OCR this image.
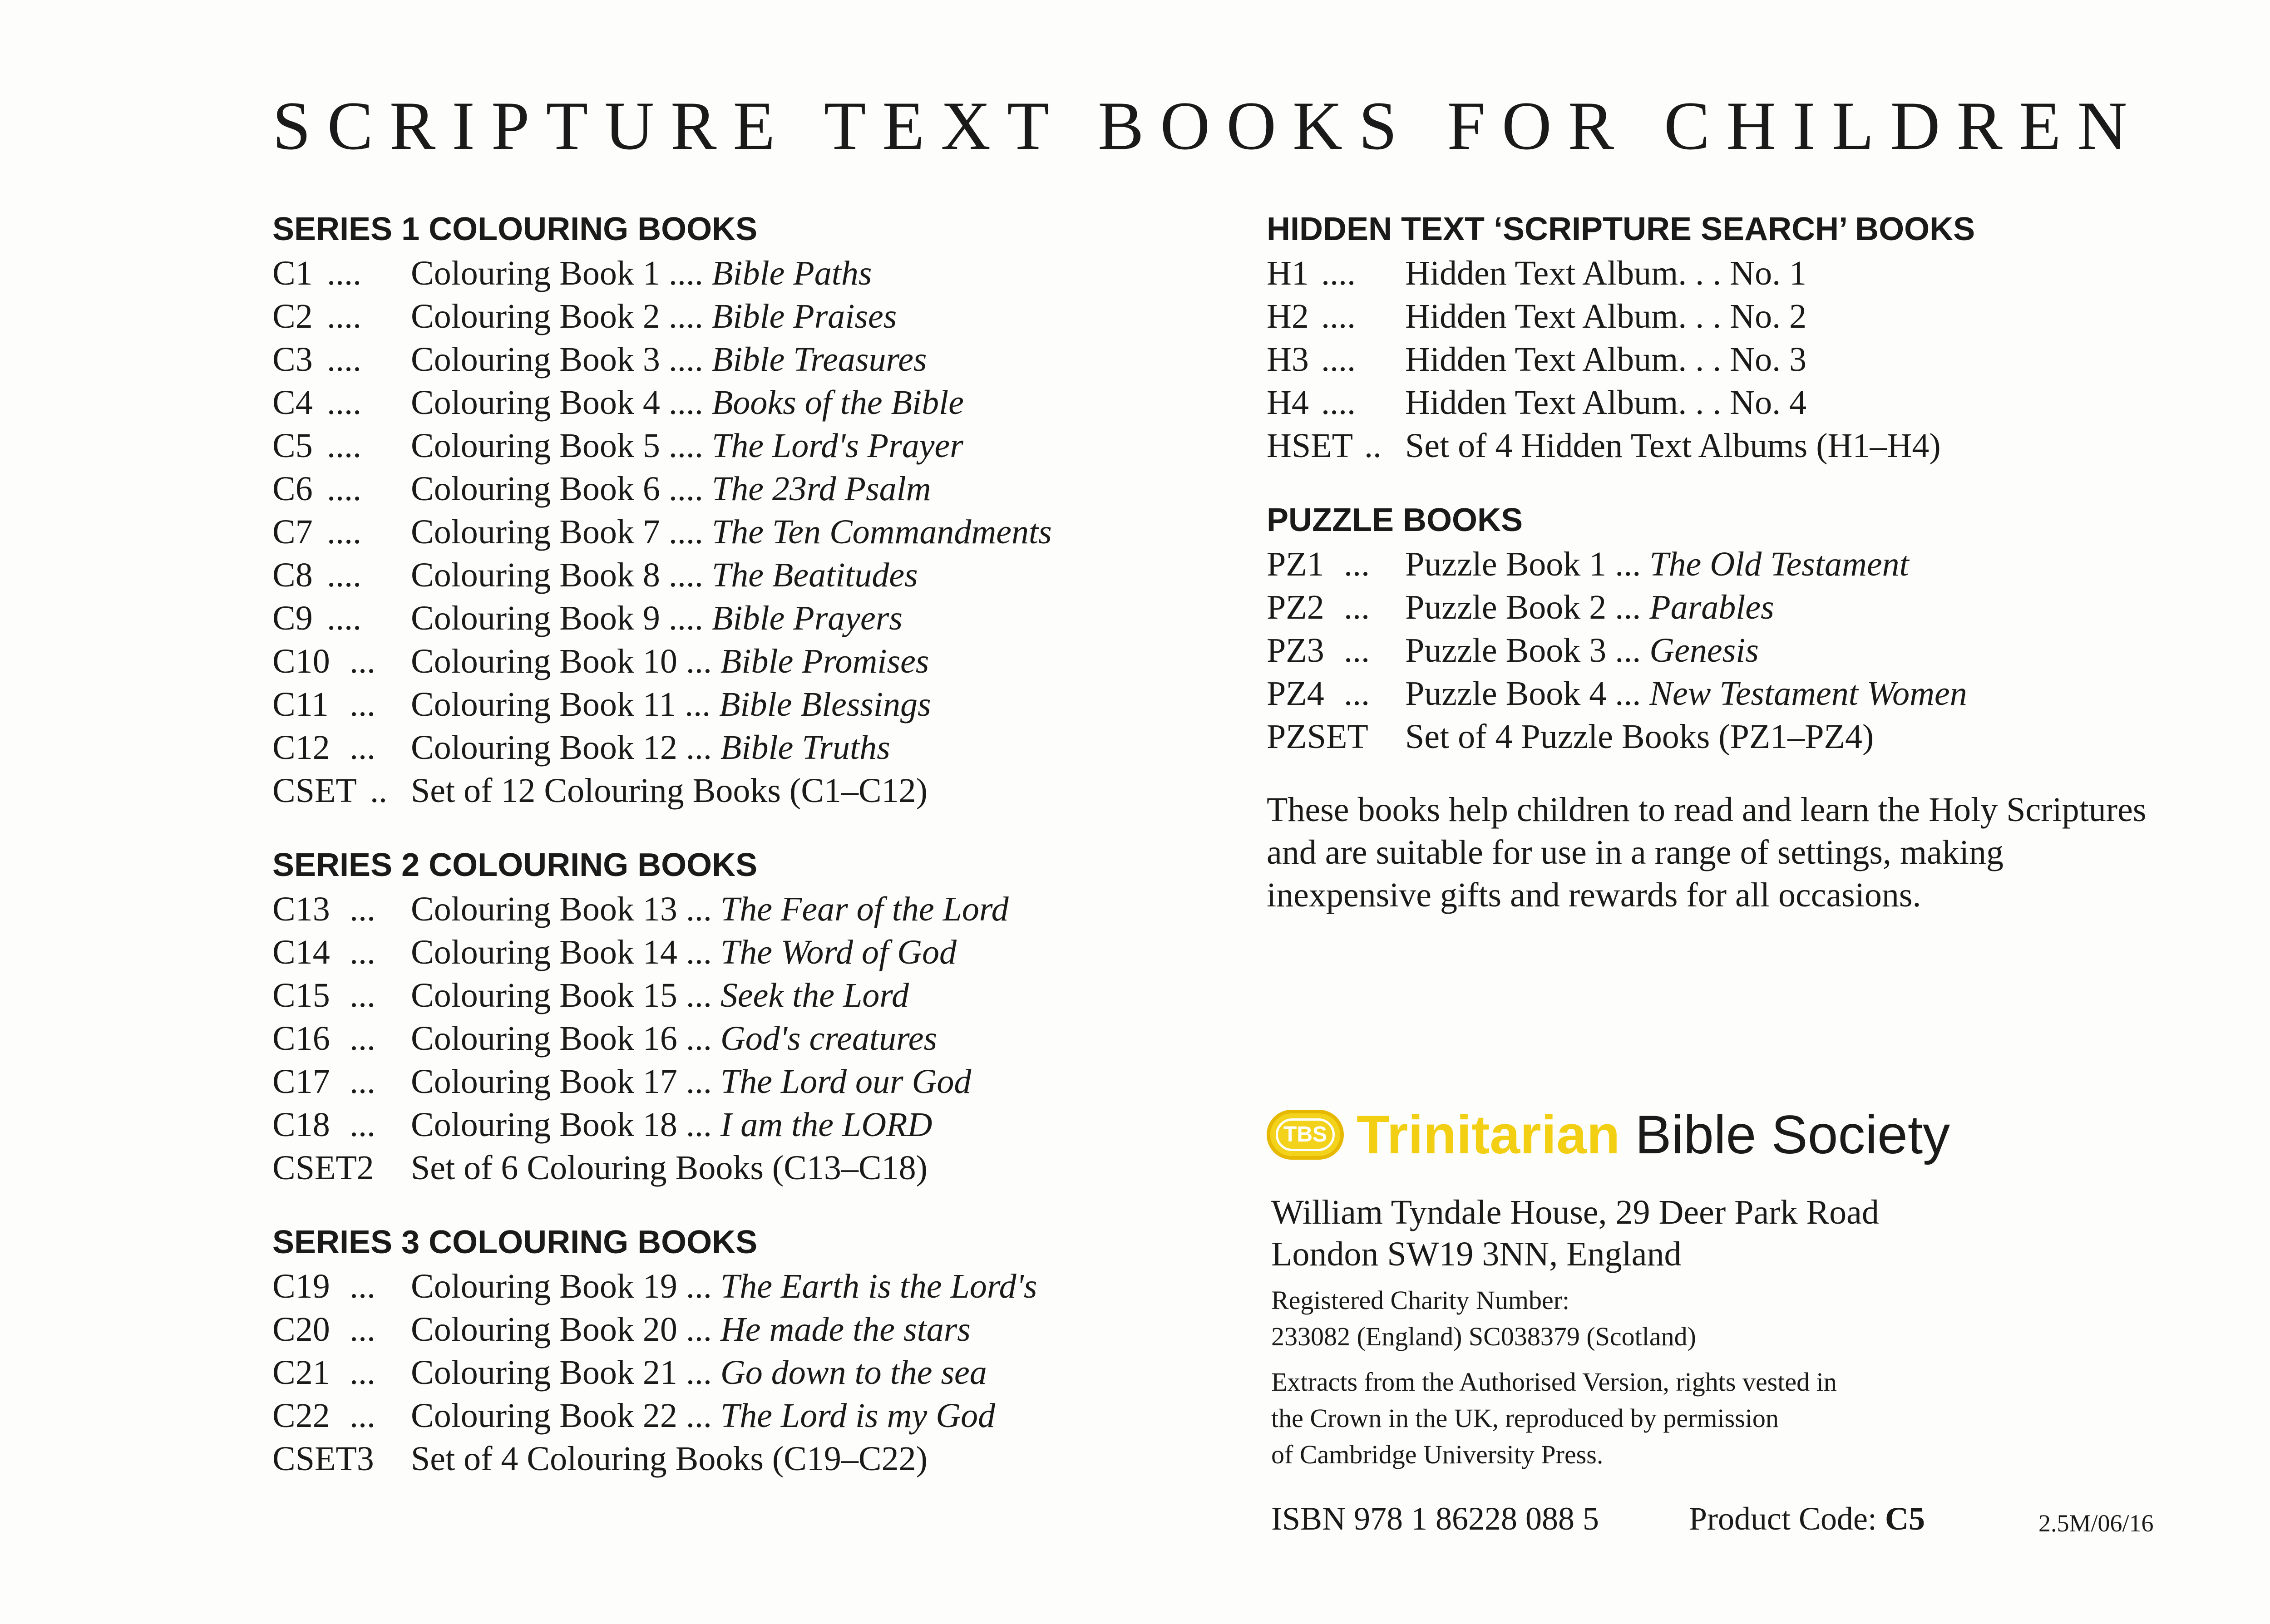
SCRIPTURE TEXT BOOKS FOR CHILDREN
SERIES 1 COLOURING BOOKS
C1 .... Colouring Book 1 .... Bible Paths
C2 .... Colouring Book 2 .... Bible Praises
C3 .... Colouring Book 3 .... Bible Treasures
C4 .... Colouring Book 4 .... Books of the Bible
C5 .... Colouring Book 5 .... The Lord's Prayer
C6 .... Colouring Book 6 .... The 23rd Psalm
C7 .... Colouring Book 7 .... The Ten Commandments
C8 .... Colouring Book 8 .... The Beatitudes
C9 .... Colouring Book 9 .... Bible Prayers
C10 ... Colouring Book 10 ... Bible Promises
C11 ... Colouring Book 11 ... Bible Blessings
C12 ... Colouring Book 12 ... Bible Truths
CSET .. Set of 12 Colouring Books (C1–C12)
SERIES 2 COLOURING BOOKS
C13 ... Colouring Book 13 ... The Fear of the Lord
C14 ... Colouring Book 14 ... The Word of God
C15 ... Colouring Book 15 ... Seek the Lord
C16 ... Colouring Book 16 ... God's creatures
C17 ... Colouring Book 17 ... The Lord our God
C18 ... Colouring Book 18 ... I am the LORD
CSET2 Set of 6 Colouring Books (C13–C18)
SERIES 3 COLOURING BOOKS
C19 ... Colouring Book 19 ... The Earth is the Lord's
C20 ... Colouring Book 20 ... He made the stars
C21 ... Colouring Book 21 ... Go down to the sea
C22 ... Colouring Book 22 ... The Lord is my God
CSET3 Set of 4 Colouring Books (C19–C22)
HIDDEN TEXT ‘SCRIPTURE SEARCH’ BOOKS
H1 .... Hidden Text Album. . . No. 1
H2 .... Hidden Text Album. . . No. 2
H3 .... Hidden Text Album. . . No. 3
H4 .... Hidden Text Album. . . No. 4
HSET .. Set of 4 Hidden Text Albums (H1–H4)
PUZZLE BOOKS
PZ1 ... Puzzle Book 1 ... The Old Testament
PZ2 ... Puzzle Book 2 ... Parables
PZ3 ... Puzzle Book 3 ... Genesis
PZ4 ... Puzzle Book 4 ... New Testament Women
PZSET Set of 4 Puzzle Books (PZ1–PZ4)
These books help children to read and learn the Holy Scriptures
and are suitable for use in a range of settings, making
inexpensive gifts and rewards for all occasions.
TBS Trinitarian Bible Society
William Tyndale House, 29 Deer Park Road
London SW19 3NN, England
Registered Charity Number:
233082 (England) SC038379 (Scotland)
Extracts from the Authorised Version, rights vested in
the Crown in the UK, reproduced by permission
of Cambridge University Press.
ISBN 978 1 86228 088 5	Product Code: C5	2.5M/06/16
